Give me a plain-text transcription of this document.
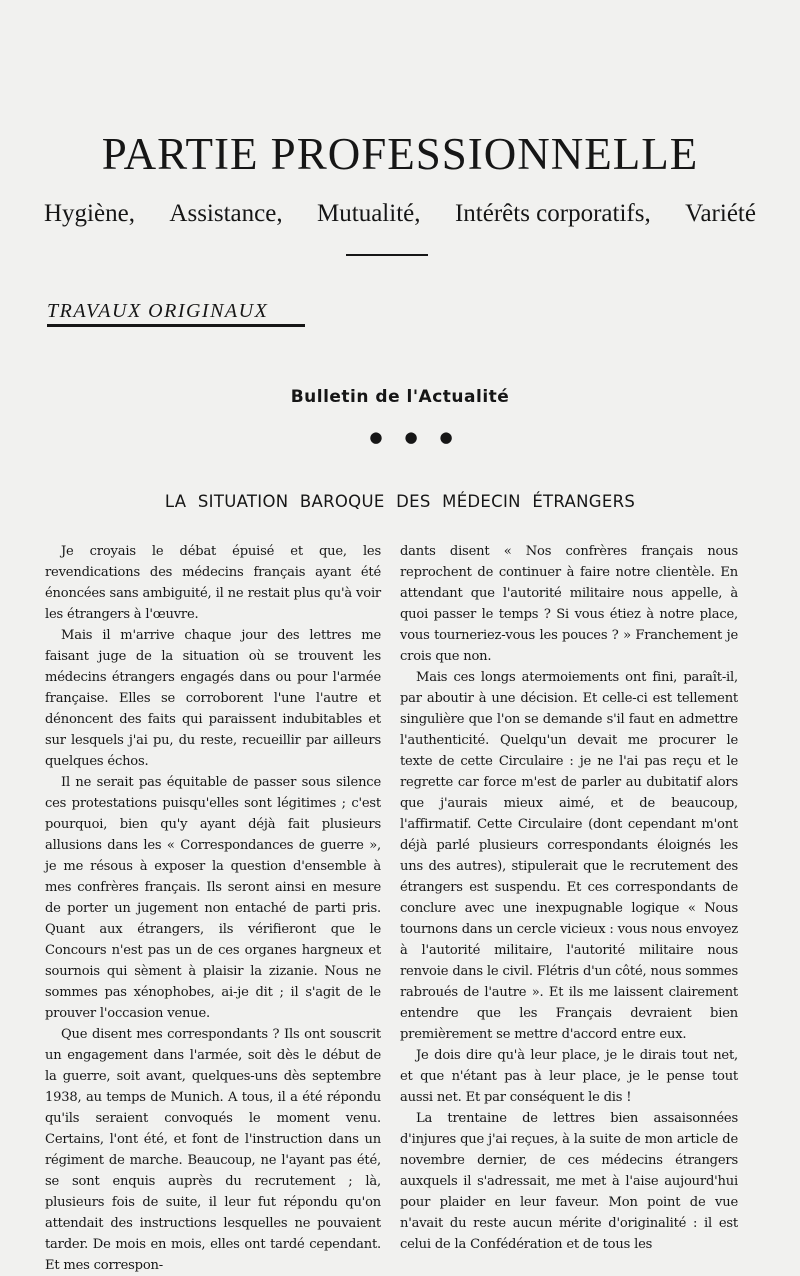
PARTIE PROFESSIONNELLE
Hygiène, Assistance, Mutualité, Intérêts corporatifs, Variété
TRAVAUX ORIGINAUX
Bulletin de l'Actualité
●●●
LA SITUATION BAROQUE DES MÉDECIN ÉTRANGERS

Je croyais le débat épuisé et que, les revendications des médecins français ayant été énoncées sans ambiguité, il ne restait plus qu'à voir les étrangers à l'œuvre.

Mais il m'arrive chaque jour des lettres me faisant juge de la situation où se trouvent les médecins étrangers engagés dans ou pour l'armée française. Elles se corroborent l'une l'autre et dénoncent des faits qui paraissent indubitables et sur lesquels j'ai pu, du reste, recueillir par ailleurs quelques échos.

Il ne serait pas équitable de passer sous silence ces protestations puisqu'elles sont légitimes ; c'est pourquoi, bien qu'y ayant déjà fait plusieurs allusions dans les « Correspondances de guerre », je me résous à exposer la question d'ensemble à mes confrères français. Ils seront ainsi en mesure de porter un jugement non entaché de parti pris. Quant aux étrangers, ils vérifieront que le Concours n'est pas un de ces organes hargneux et sournois qui sèment à plaisir la zizanie. Nous ne sommes pas xénophobes, ai-je dit ; il s'agit de le prouver l'occasion venue.

Que disent mes correspondants ? Ils ont souscrit un engagement dans l'armée, soit dès le début de la guerre, soit avant, quelques-uns dès septembre 1938, au temps de Munich. A tous, il a été répondu qu'ils seraient convoqués le moment venu. Certains, l'ont été, et font de l'instruction dans un régiment de marche. Beaucoup, ne l'ayant pas été, se sont enquis auprès du recrutement ; là, plusieurs fois de suite, il leur fut répondu qu'on attendait des instructions lesquelles ne pouvaient tarder. De mois en mois, elles ont tardé cependant. Et mes correspon-

dants disent « Nos confrères français nous reprochent de continuer à faire notre clientèle. En attendant que l'autorité militaire nous appelle, à quoi passer le temps ? Si vous étiez à notre place, vous tourneriez-vous les pouces ? » Franchement je crois que non.

Mais ces longs atermoiements ont fini, paraît-il, par aboutir à une décision. Et celle-ci est tellement singulière que l'on se demande s'il faut en admettre l'authenticité. Quelqu'un devait me procurer le texte de cette Circulaire : je ne l'ai pas reçu et le regrette car force m'est de parler au dubitatif alors que j'aurais mieux aimé, et de beaucoup, l'affirmatif. Cette Circulaire (dont cependant m'ont déjà parlé plusieurs correspondants éloignés les uns des autres), stipulerait que le recrutement des étrangers est suspendu. Et ces correspondants de conclure avec une inexpugnable logique « Nous tournons dans un cercle vicieux : vous nous envoyez à l'autorité militaire, l'autorité militaire nous renvoie dans le civil. Flétris d'un côté, nous sommes rabroués de l'autre ». Et ils me laissent clairement entendre que les Français devraient bien premièrement se mettre d'accord entre eux.

Je dois dire qu'à leur place, je le dirais tout net, et que n'étant pas à leur place, je le pense tout aussi net. Et par conséquent le dis !

La trentaine de lettres bien assaisonnées d'injures que j'ai reçues, à la suite de mon article de novembre dernier, de ces médecins étrangers auxquels il s'adressait, me met à l'aise aujourd'hui pour plaider en leur faveur. Mon point de vue n'avait du reste aucun mérite d'originalité : il est celui de la Confédération et de tous les
